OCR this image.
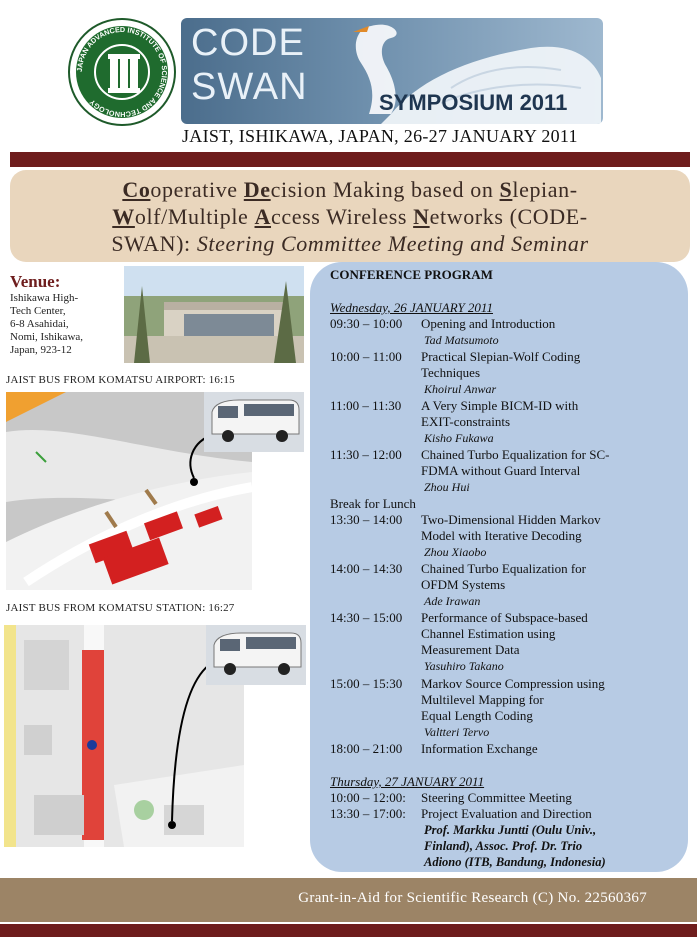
JAPAN ADVANCED INSTITUTE OF SCIENCE AND TECHNOLOGY
CODE
SWAN	SYMPOSIUM 2011
JAIST, ISHIKAWA, JAPAN, 26-27 JANUARY 2011
Cooperative Decision Making based on Slepian-
Wolf/Multiple Access Wireless Networks (CODE-
SWAN): Steering Committee Meeting and Seminar
Venue:
Ishikawa High-
Tech Center,
6-8 Asahidai,
Nomi, Ishikawa,
Japan, 923-12
JAIST BUS FROM KOMATSU AIRPORT: 16:15
JAIST BUS FROM KOMATSU STATION: 16:27
CONFERENCE PROGRAM
Wednesday, 26 JANUARY 2011
09:30 – 10:00 Opening and Introduction
Tad Matsumoto
10:00 – 11:00 Practical Slepian-Wolf Coding
Techniques
Khoirul Anwar
11:00 – 11:30 A Very Simple BICM-ID with
EXIT-constraints
Kisho Fukawa
11:30 – 12:00 Chained Turbo Equalization for SC-
FDMA without Guard Interval
Zhou Hui
Break for Lunch
13:30 – 14:00 Two-Dimensional Hidden Markov
Model with Iterative Decoding
Zhou Xiaobo
14:00 – 14:30 Chained Turbo Equalization for
OFDM Systems
Ade Irawan
14:30 – 15:00 Performance of Subspace-based
Channel Estimation using
Measurement Data
Yasuhiro Takano
15:00 – 15:30 Markov Source Compression using
Multilevel Mapping for
Equal Length Coding
Valtteri Tervo
18:00 – 21:00 Information Exchange
Thursday, 27 JANUARY 2011
10:00 – 12:00: Steering Committee Meeting
13:30 – 17:00: Project Evaluation and Direction
Prof. Markku Juntti (Oulu Univ.,
Finland), Assoc. Prof. Dr. Trio
Adiono (ITB, Bandung, Indonesia)
Grant-in-Aid for Scientific Research (C) No. 22560367
